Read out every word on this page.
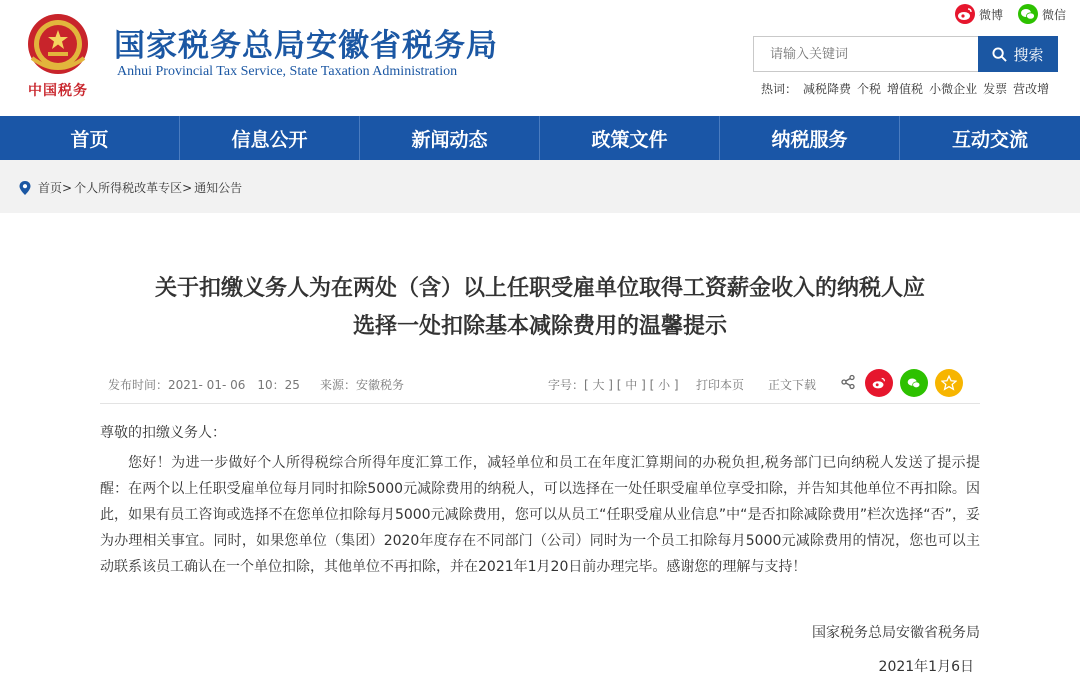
中国税务
国家税务总局安徽省税务局
Anhui Provincial Tax Service, State Taxation Administration
微博	微信
请输入关键词
搜索
热词： 减税降费 个税 增值税 小微企业 发票 营改增
首页	信息公开	新闻动态	政策文件	纳税服务	互动交流
首页> 个人所得税改革专区> 通知公告
关于扣缴义务人为在两处（含）以上任职受雇单位取得工资薪金收入的纳税人应
选择一处扣除基本减除费用的温馨提示
发布时间：2021- 01- 06　10：25 来源：安徽税务	字号：[ 大 ] [ 中 ] [ 小 ] 打印本页 正文下载

尊敬的扣缴义务人：

您好！为进一步做好个人所得税综合所得年度汇算工作，减轻单位和员工在年度汇算期间的办税负担,税务部门已向纳税人发送了提示提醒：在两个以上任职受雇单位每月同时扣除5000元减除费用的纳税人，可以选择在一处任职受雇单位享受扣除，并告知其他单位不再扣除。因此，如果有员工咨询或选择不在您单位扣除每月5000元减除费用，您可以从员工“任职受雇从业信息”中“是否扣除减除费用”栏次选择“否”，妥为办理相关事宜。同时，如果您单位（集团）2020年度存在不同部门（公司）同时为一个员工扣除每月5000元减除费用的情况，您也可以主动联系该员工确认在一个单位扣除，其他单位不再扣除，并在2021年1月20日前办理完毕。感谢您的理解与支持！

国家税务总局安徽省税务局
2021年1月6日
